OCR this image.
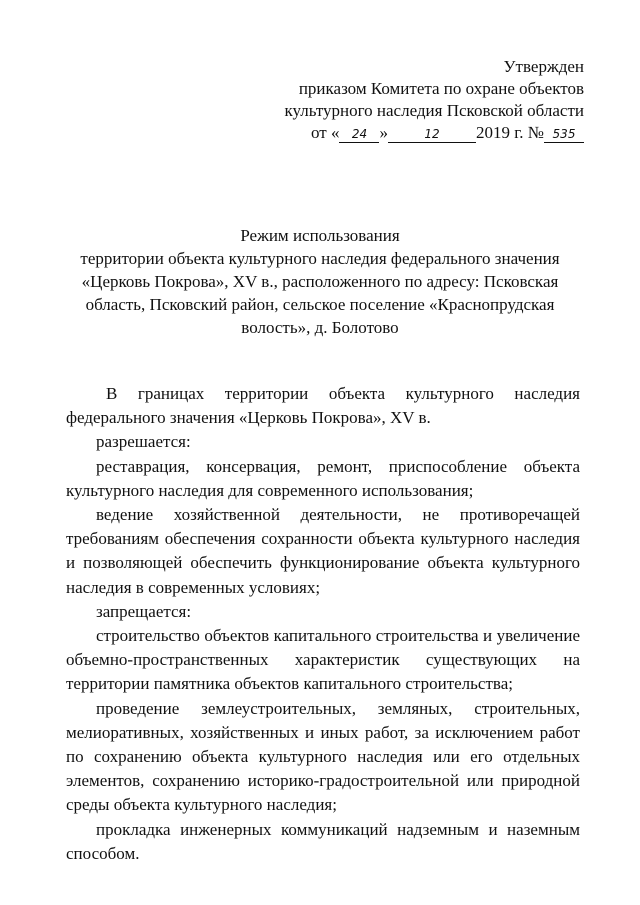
Утвержден
приказом Комитета по охране объектов
культурного наследия Псковской области
от « 24 »	12 2019 г. № 535
Режим использования
территории объекта культурного наследия федерального значения
«Церковь Покрова», XV в., расположенного по адресу: Псковская
область, Псковский район, сельское поселение «Краснопрудская
волость», д. Болотово

В границах территории объекта культурного наследия федерального значения «Церковь Покрова», XV в.

разрешается:

реставрация, консервация, ремонт, приспособление объекта культурного наследия для современного использования;

ведение хозяйственной деятельности, не противоречащей требованиям обеспечения сохранности объекта культурного наследия и позволяющей обеспечить функционирование объекта культурного наследия в современных условиях;

запрещается:

строительство объектов капитального строительства и увеличение объемно-пространственных характеристик существующих на территории памятника объектов капитального строительства;

проведение землеустроительных, земляных, строительных, мелиоративных, хозяйственных и иных работ, за исключением работ по сохранению объекта культурного наследия или его отдельных элементов, сохранению историко-градостроительной или природной среды объекта культурного наследия;

прокладка инженерных коммуникаций надземным и наземным способом.
